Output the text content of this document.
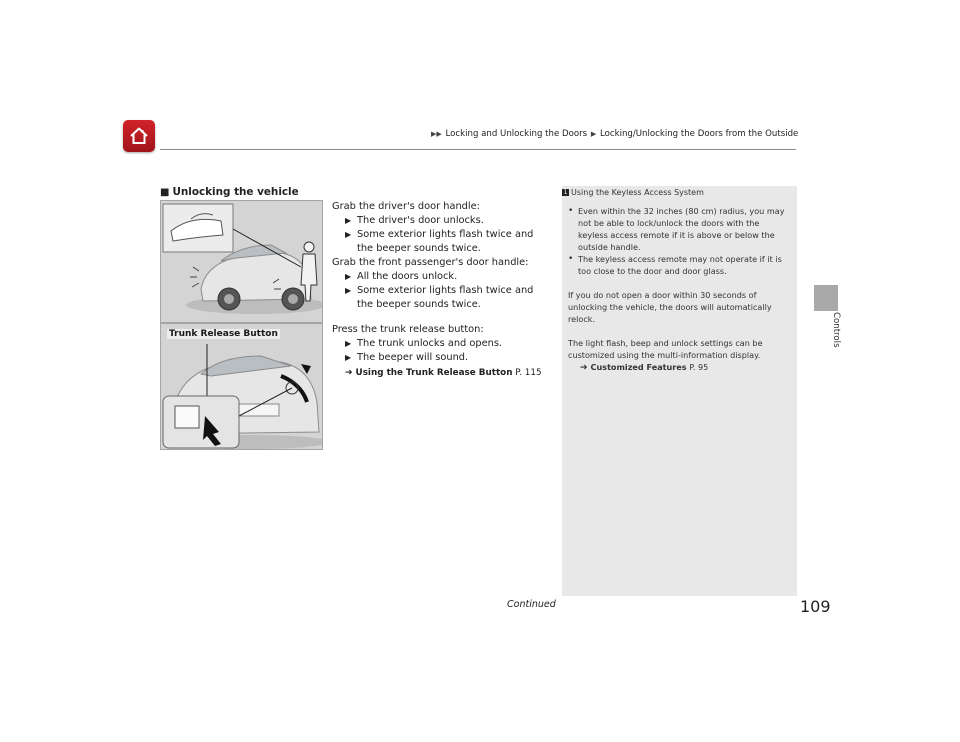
▶▶ Locking and Unlocking the Doors ▶ Locking/Unlocking the Doors from the Outside
Controls
■ Unlocking the vehicle
Trunk Release Button

Grab the driver's door handle:

▶ The driver's door unlocks.

▶ Some exterior lights flash twice and the beeper sounds twice.

Grab the front passenger's door handle:

▶ All the doors unlock.

▶ Some exterior lights flash twice and the beeper sounds twice.

Press the trunk release button:

▶ The trunk unlocks and opens.

▶ The beeper will sound.

➔ Using the Trunk Release Button P. 115

1 Using the Keyless Access System

• Even within the 32 inches (80 cm) radius, you may not be able to lock/unlock the doors with the keyless access remote if it is above or below the outside handle.

• The keyless access remote may not operate if it is too close to the door and door glass.

If you do not open a door within 30 seconds of unlocking the vehicle, the doors will automatically relock.

The light flash, beep and unlock settings can be customized using the multi-information display.

➔ Customized Features P. 95

Continued	109
